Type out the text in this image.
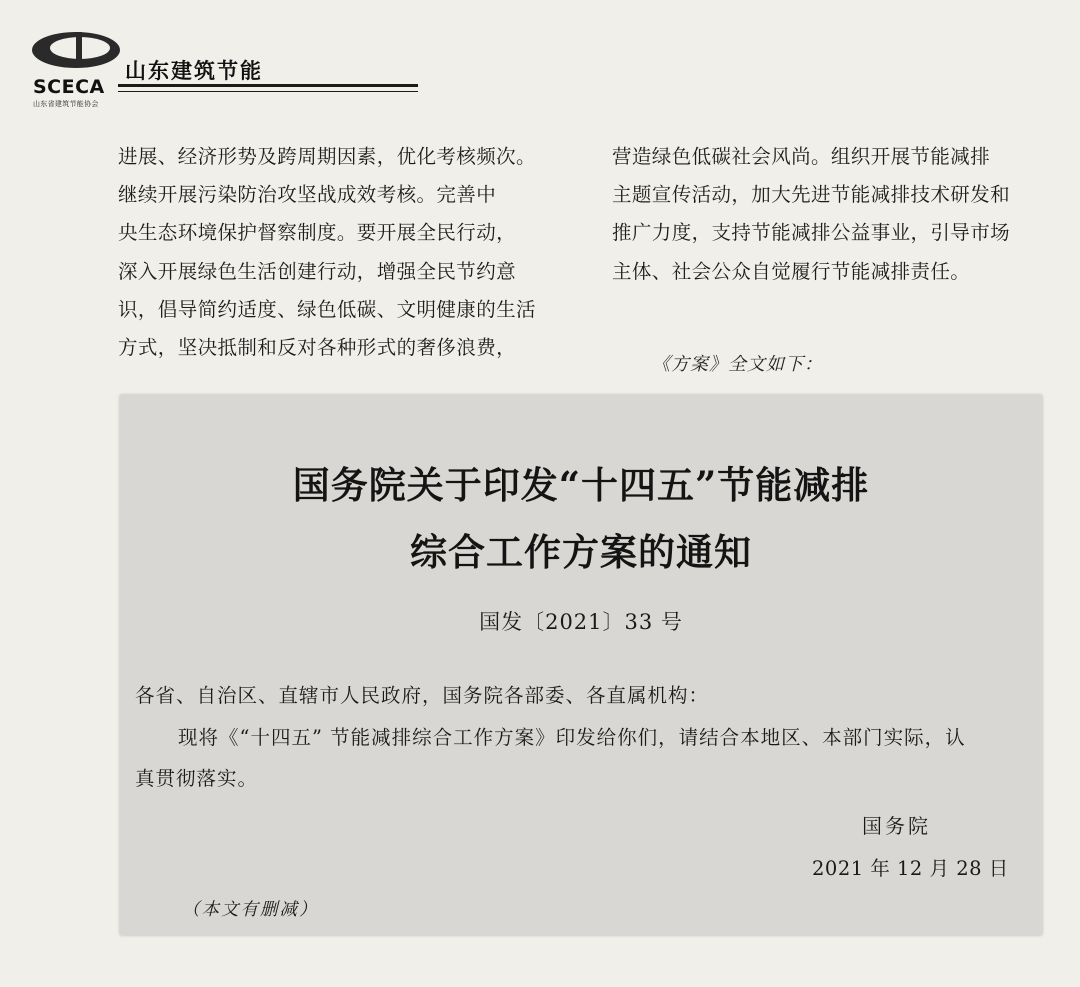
SCECA
山东省建筑节能协会
山东建筑节能
进展、经济形势及跨周期因素，优化考核频次。
继续开展污染防治攻坚战成效考核。完善中
央生态环境保护督察制度。要开展全民行动，
深入开展绿色生活创建行动，增强全民节约意
识，倡导简约适度、绿色低碳、文明健康的生活
方式，坚决抵制和反对各种形式的奢侈浪费，
营造绿色低碳社会风尚。组织开展节能减排
主题宣传活动，加大先进节能减排技术研发和
推广力度，支持节能减排公益事业，引导市场
主体、社会公众自觉履行节能减排责任。
《方案》全文如下：
国务院关于印发“十四五”节能减排
综合工作方案的通知
国发〔2021〕33 号
各省、自治区、直辖市人民政府，国务院各部委、各直属机构：
现将《“十四五” 节能减排综合工作方案》印发给你们，请结合本地区、本部门实际，认
真贯彻落实。
国务院
2021 年 12 月 28 日
（本文有删减）
